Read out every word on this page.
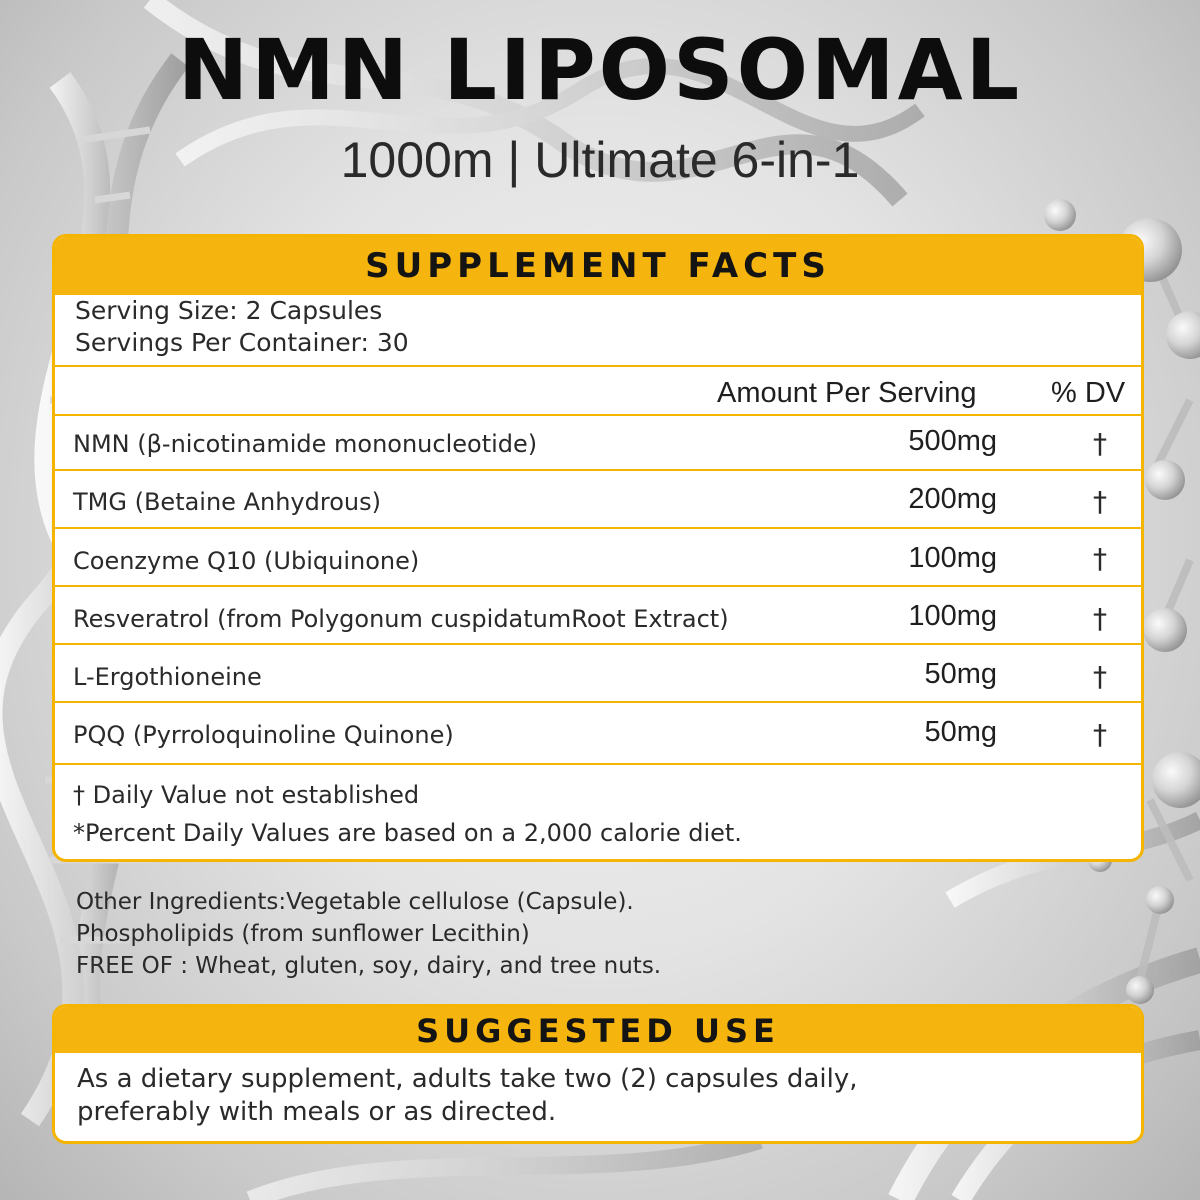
NMN LIPOSOMAL
1000m | Ultimate 6-in-1
SUPPLEMENT FACTS
Serving Size: 2 Capsules
Servings Per Container: 30
Amount Per Serving	% DV
NMN (β-nicotinamide mononucleotide)	500mg	†
TMG (Betaine Anhydrous)	200mg	†
Coenzyme Q10 (Ubiquinone)	100mg	†
Resveratrol (from Polygonum cuspidatumRoot Extract)	100mg	†
L-Ergothioneine	50mg	†
PQQ (Pyrroloquinoline Quinone)	50mg	†
† Daily Value not established
*Percent Daily Values are based on a 2,000 calorie diet.
Other Ingredients:Vegetable cellulose (Capsule).
Phospholipids (from sunflower Lecithin)
FREE OF : Wheat, gluten, soy, dairy, and tree nuts.
SUGGESTED USE
As a dietary supplement, adults take two (2) capsules daily,
preferably with meals or as directed.
